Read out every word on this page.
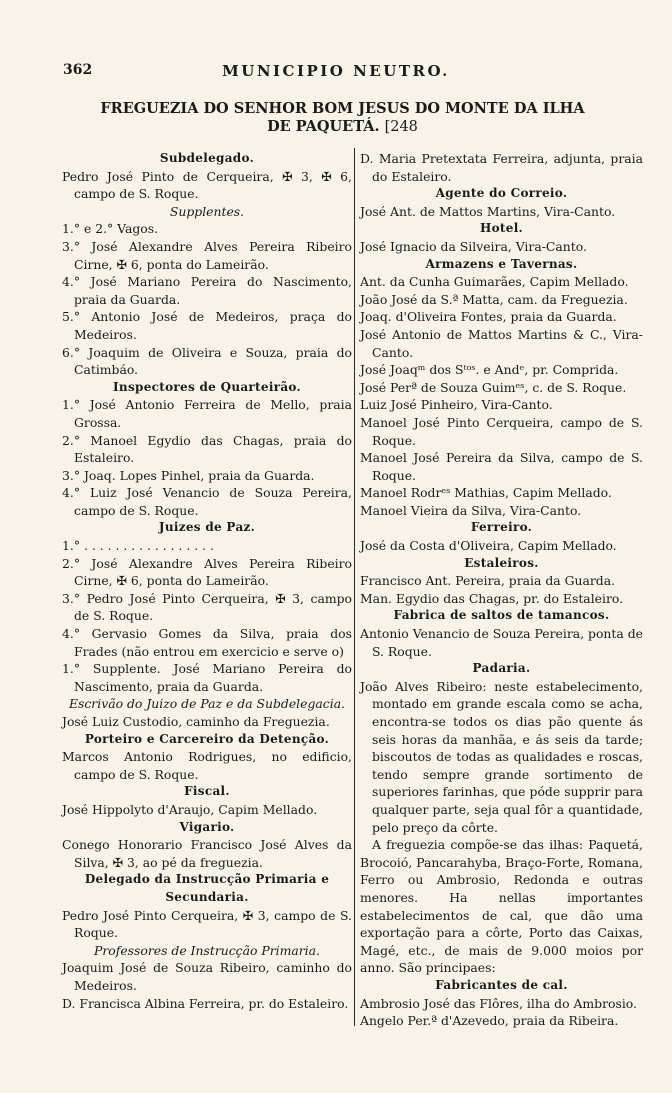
362	MUNICIPIO NEUTRO.
FREGUEZIA DO SENHOR BOM JESUS DO MONTE DA ILHA
DE PAQUETÁ. [248
Subdelegado.

Pedro José Pinto de Cerqueira, ✠ 3, ✠ 6, campo de S. Roque.

Supplentes.

1.° e 2.° Vagos.

3.° José Alexandre Alves Pereira Ribeiro Cirne, ✠ 6, ponta do Lameirão.

4.° José Mariano Pereira do Nascimento, praia da Guarda.

5.° Antonio José de Medeiros, praça do Medeiros.

6.° Joaquim de Oliveira e Souza, praia do Catimbáo.

Inspectores de Quarteirão.

1.° José Antonio Ferreira de Mello, praia Grossa.

2.° Manoel Egydio das Chagas, praia do Estaleiro.

3.° Joaq. Lopes Pinhel, praia da Guarda.

4.° Luiz José Venancio de Souza Pereira, campo de S. Roque.

Juizes de Paz.

1.° . . . . . . . . . . . . . . . . .

2.° José Alexandre Alves Pereira Ribeiro Cirne, ✠ 6, ponta do Lameirão.

3.° Pedro José Pinto Cerqueira, ✠ 3, campo de S. Roque.

4.° Gervasio Gomes da Silva, praia dos Frades (não entrou em exercicio e serve o)

1.° Supplente. José Mariano Pereira do Nascimento, praia da Guarda.

Escrivão do Juizo de Paz e da Subdelegacia.

José Luiz Custodio, caminho da Freguezia.

Porteiro e Carcereiro da Detenção.

Marcos Antonio Rodrigues, no edificio, campo de S. Roque.

Fiscal.

José Hippolyto d'Araujo, Capim Mellado.

Vigario.

Conego Honorario Francisco José Alves da Silva, ✠ 3, ao pé da freguezia.

Delegado da Instrucção Primaria e Secundaria.

Pedro José Pinto Cerqueira, ✠ 3, campo de S. Roque.

Professores de Instrucção Primaria.

Joaquim José de Souza Ribeiro, caminho do Medeiros.

D. Francisca Albina Ferreira, pr. do Estaleiro.

D. Maria Pretextata Ferreira, adjunta, praia do Estaleiro.

Agente do Correio.

José Ant. de Mattos Martins, Vira-Canto.

Hotel.

José Ignacio da Silveira, Vira-Canto.

Armazens e Tavernas.

Ant. da Cunha Guimarães, Capim Mellado.

João José da S.ª Matta, cam. da Freguezia.

Joaq. d'Oliveira Fontes, praia da Guarda.

José Antonio de Mattos Martins & C., Vira-Canto.

José Joaqᵐ dos Sᵗᵒˢ. e Andᵉ, pr. Comprida.

José Perª de Souza Guimᵉˢ, c. de S. Roque.

Luiz José Pinheiro, Vira-Canto.

Manoel José Pinto Cerqueira, campo de S. Roque.

Manoel José Pereira da Silva, campo de S. Roque.

Manoel Rodrᵉˢ Mathias, Capim Mellado.

Manoel Vieira da Silva, Vira-Canto.

Ferreiro.

José da Costa d'Oliveira, Capim Mellado.

Estaleiros.

Francisco Ant. Pereira, praia da Guarda.

Man. Egydio das Chagas, pr. do Estaleiro.

Fabrica de saltos de tamancos.

Antonio Venancio de Souza Pereira, ponta de S. Roque.

Padaria.

João Alves Ribeiro: neste estabelecimento, montado em grande escala como se acha, encontra-se todos os dias pão quente ás seis horas da manhãa, e ás seis da tarde; biscoutos de todas as qualidades e roscas, tendo sempre grande sortimento de superiores farinhas, que póde supprir para qualquer parte, seja qual fôr a quantidade, pelo preço da côrte.

A freguezia compõe-se das ilhas: Paquetá, Brocoió, Pancarahyba, Braço-Forte, Romana, Ferro ou Ambrosio, Redonda e outras menores. Ha nellas importantes estabelecimentos de cal, que dão uma exportação para a côrte, Porto das Caixas, Magé, etc., de mais de 9.000 moios por anno. São principaes:

Fabricantes de cal.

Ambrosio José das Flôres, ilha do Ambrosio.

Angelo Per.ª d'Azevedo, praia da Ribeira.
